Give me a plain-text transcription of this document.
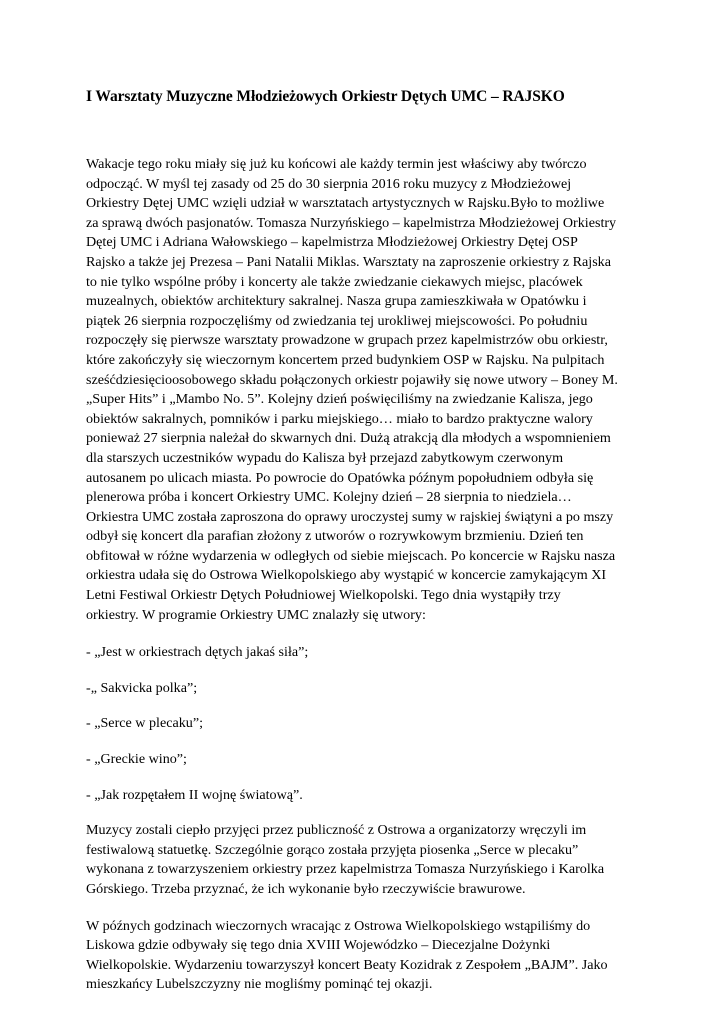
I Warsztaty Muzyczne Młodzieżowych Orkiestr Dętych UMC – RAJSKO

Wakacje tego roku miały się już ku końcowi ale każdy termin jest właściwy aby twórczo
odpocząć. W myśl tej zasady od 25 do 30 sierpnia 2016 roku muzycy z Młodzieżowej
Orkiestry Dętej UMC wzięli udział w warsztatach artystycznych w Rajsku.Było to możliwe
za sprawą dwóch pasjonatów. Tomasza Nurzyńskiego – kapelmistrza Młodzieżowej Orkiestry
Dętej UMC i Adriana Wałowskiego – kapelmistrza Młodzieżowej Orkiestry Dętej OSP
Rajsko a także jej Prezesa – Pani Natalii Miklas. Warsztaty na zaproszenie orkiestry z Rajska
to nie tylko wspólne próby i koncerty ale także zwiedzanie ciekawych miejsc, placówek
muzealnych, obiektów architektury sakralnej. Nasza grupa zamieszkiwała w Opatówku i
piątek 26 sierpnia rozpoczęliśmy od zwiedzania tej urokliwej miejscowości. Po południu
rozpoczęły się pierwsze warsztaty prowadzone w grupach przez kapelmistrzów obu orkiestr,
które zakończyły się wieczornym koncertem przed budynkiem OSP w Rajsku. Na pulpitach
sześćdziesięcioosobowego składu połączonych orkiestr pojawiły się nowe utwory – Boney M.
„Super Hits” i „Mambo No. 5”. Kolejny dzień poświęciliśmy na zwiedzanie Kalisza, jego
obiektów sakralnych, pomników i parku miejskiego… miało to bardzo praktyczne walory
ponieważ 27 sierpnia należał do skwarnych dni. Dużą atrakcją dla młodych a wspomnieniem
dla starszych uczestników wypadu do Kalisza był przejazd zabytkowym czerwonym
autosanem po ulicach miasta. Po powrocie do Opatówka późnym popołudniem odbyła się
plenerowa próba i koncert Orkiestry UMC. Kolejny dzień – 28 sierpnia to niedziela…
Orkiestra UMC została zaproszona do oprawy uroczystej sumy w rajskiej świątyni a po mszy
odbył się koncert dla parafian złożony z utworów o rozrywkowym brzmieniu. Dzień ten
obfitował w różne wydarzenia w odległych od siebie miejscach. Po koncercie w Rajsku nasza
orkiestra udała się do Ostrowa Wielkopolskiego aby wystąpić w koncercie zamykającym XI
Letni Festiwal Orkiestr Dętych Południowej Wielkopolski. Tego dnia wystąpiły trzy
orkiestry. W programie Orkiestry UMC znalazły się utwory:

- „Jest w orkiestrach dętych jakaś siła”;

-„ Sakvicka polka”;

- „Serce w plecaku”;

- „Greckie wino”;

- „Jak rozpętałem II wojnę światową”.

Muzycy zostali ciepło przyjęci przez publiczność z Ostrowa a organizatorzy wręczyli im
festiwalową statuetkę. Szczególnie gorąco została przyjęta piosenka „Serce w plecaku”
wykonana z towarzyszeniem orkiestry przez kapelmistrza Tomasza Nurzyńskiego i Karolka
Górskiego. Trzeba przyznać, że ich wykonanie było rzeczywiście brawurowe.

W późnych godzinach wieczornych wracając z Ostrowa Wielkopolskiego wstąpiliśmy do
Liskowa gdzie odbywały się tego dnia XVIII Wojewódzko – Diecezjalne Dożynki
Wielkopolskie. Wydarzeniu towarzyszył koncert Beaty Kozidrak z Zespołem „BAJM”. Jako
mieszkańcy Lubelszczyzny nie mogliśmy pominąć tej okazji.
